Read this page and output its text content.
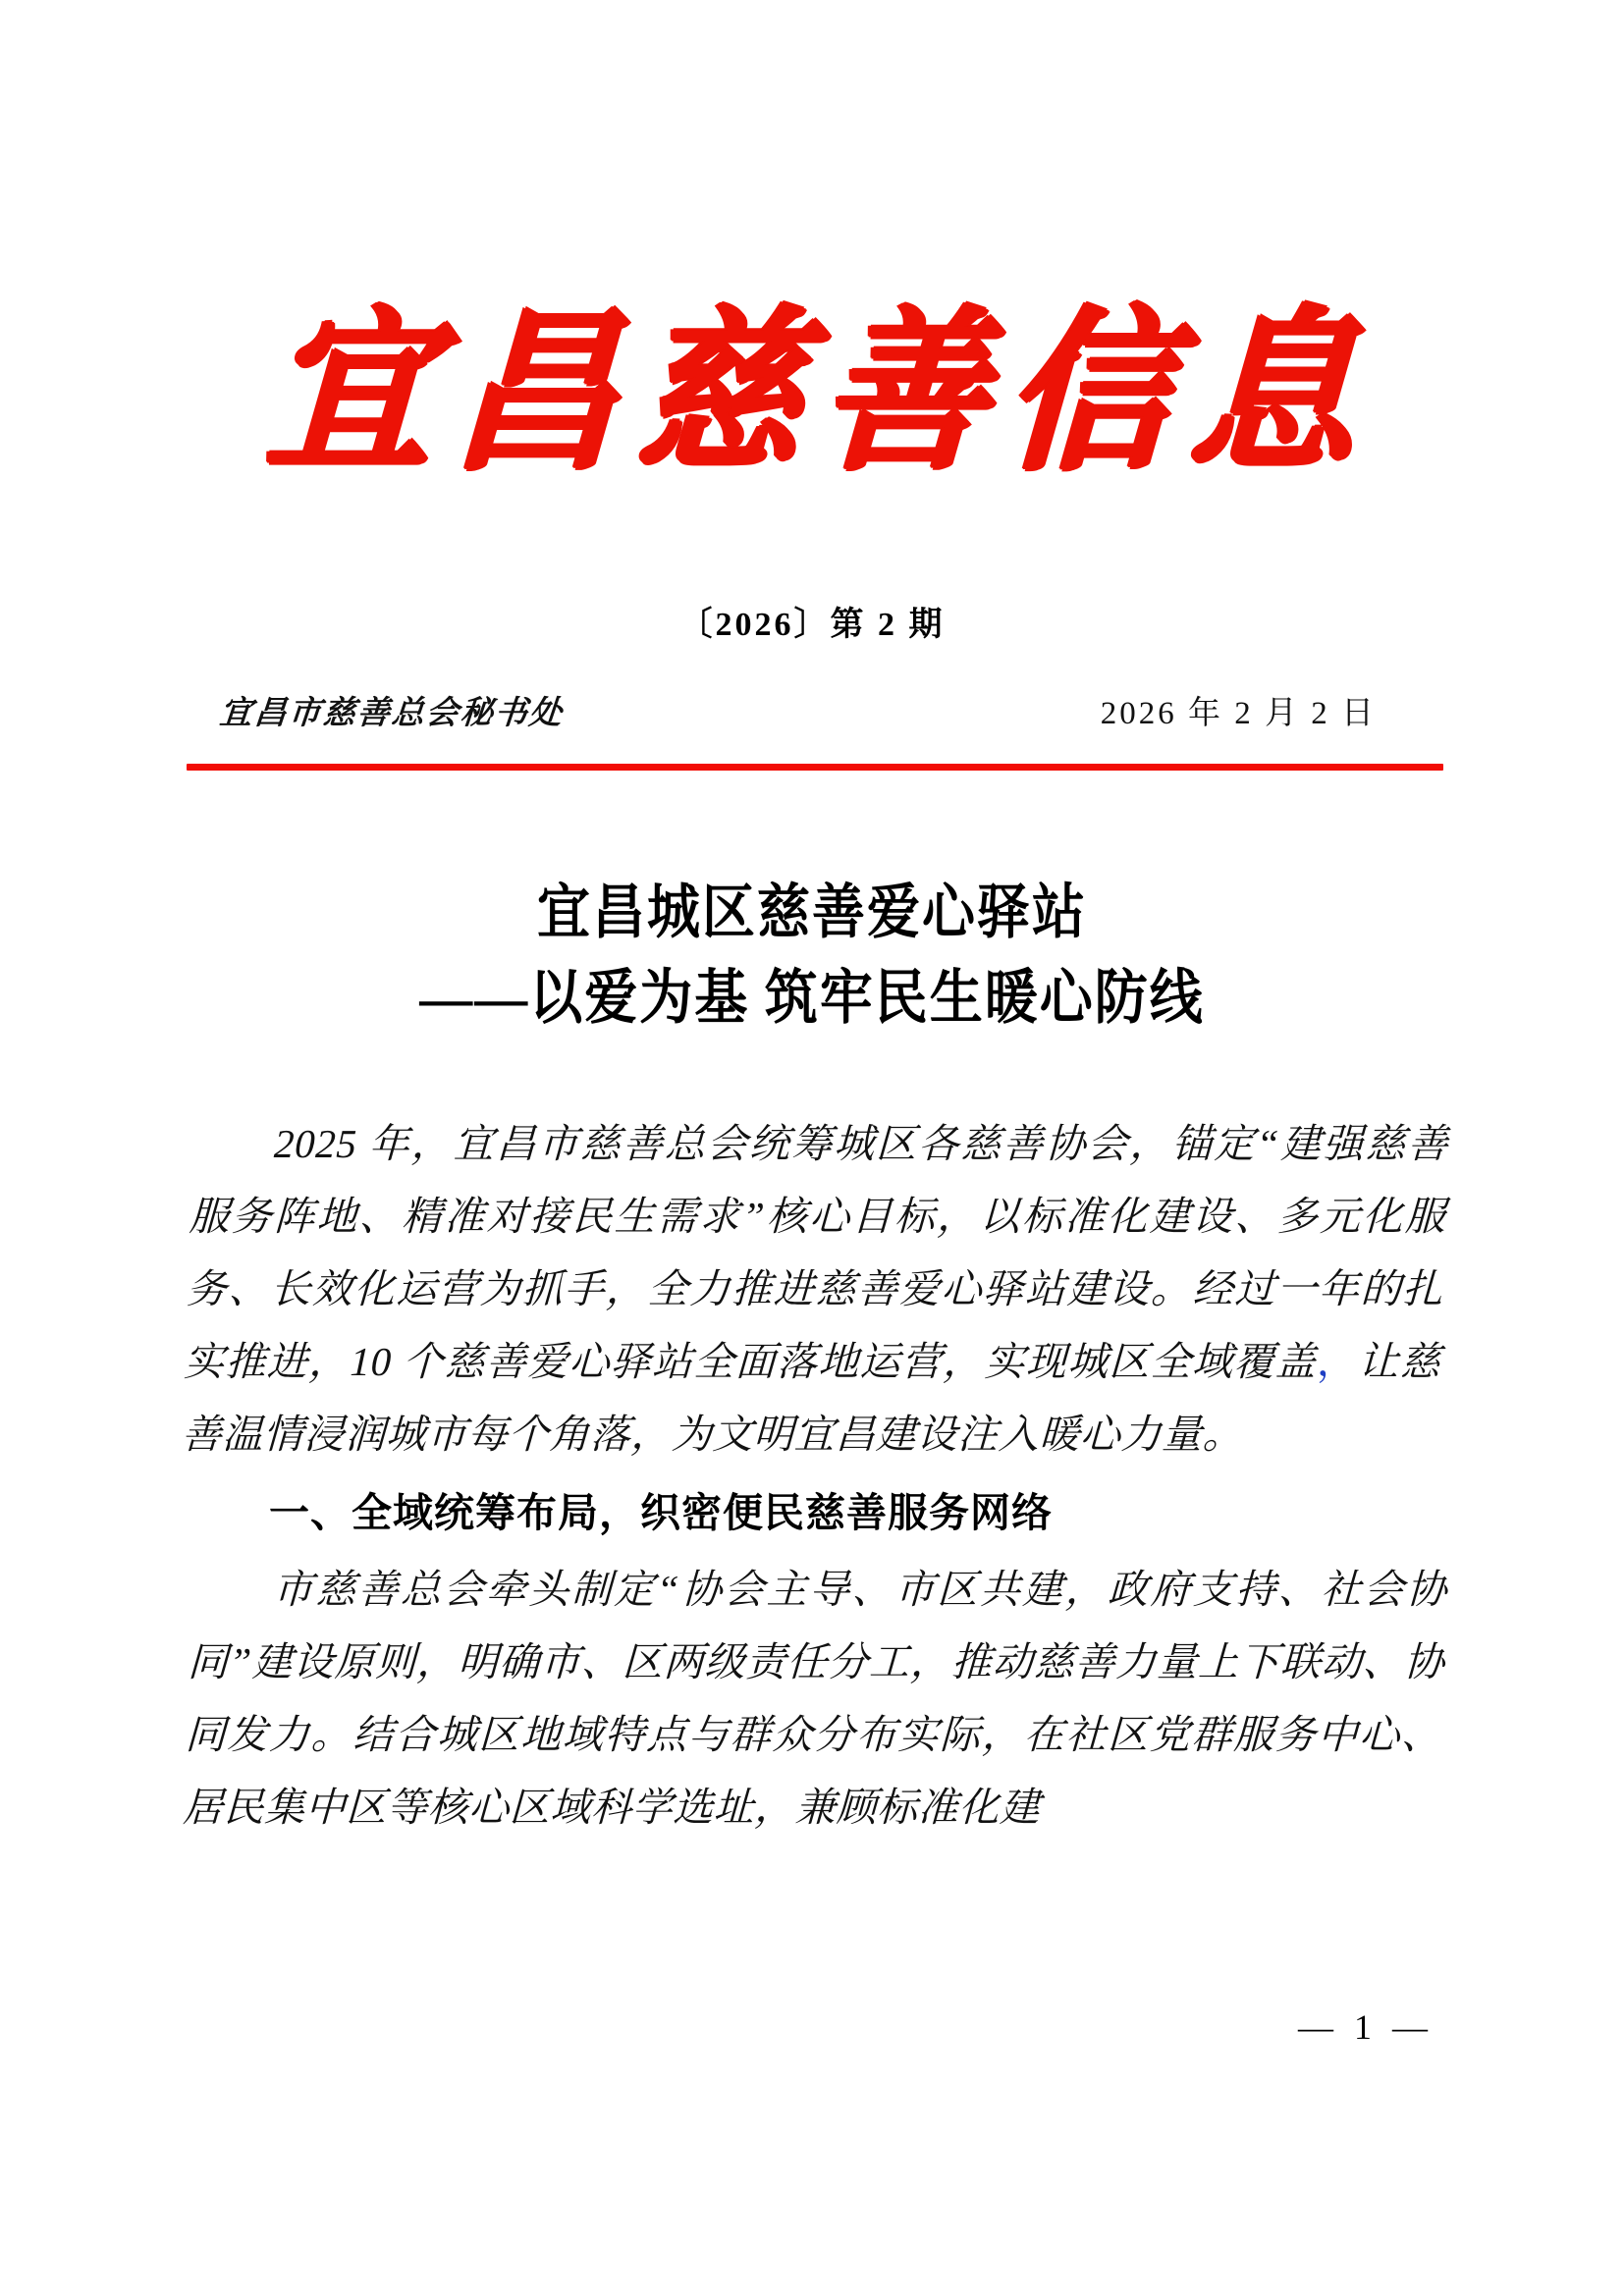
宜昌慈善信息
〔2026〕第 2 期
宜昌市慈善总会秘书处	2026 年 2 月 2 日
宜昌城区慈善爱心驿站
——以爱为基 筑牢民生暖心防线

2025 年，宜昌市慈善总会统筹城区各慈善协会，锚定“建强慈善服务阵地、精准对接民生需求”核心目标，以标准化建设、多元化服务、长效化运营为抓手，全力推进慈善爱心驿站建设。经过一年的扎实推进，10 个慈善爱心驿站全面落地运营，实现城区全域覆盖，让慈善温情浸润城市每个角落，为文明宜昌建设注入暖心力量。

一、全域统筹布局，织密便民慈善服务网络

市慈善总会牵头制定“协会主导、市区共建，政府支持、社会协同”建设原则，明确市、区两级责任分工，推动慈善力量上下联动、协同发力。结合城区地域特点与群众分布实际，在社区党群服务中心、居民集中区等核心区域科学选址，兼顾标准化建

— 1 —
